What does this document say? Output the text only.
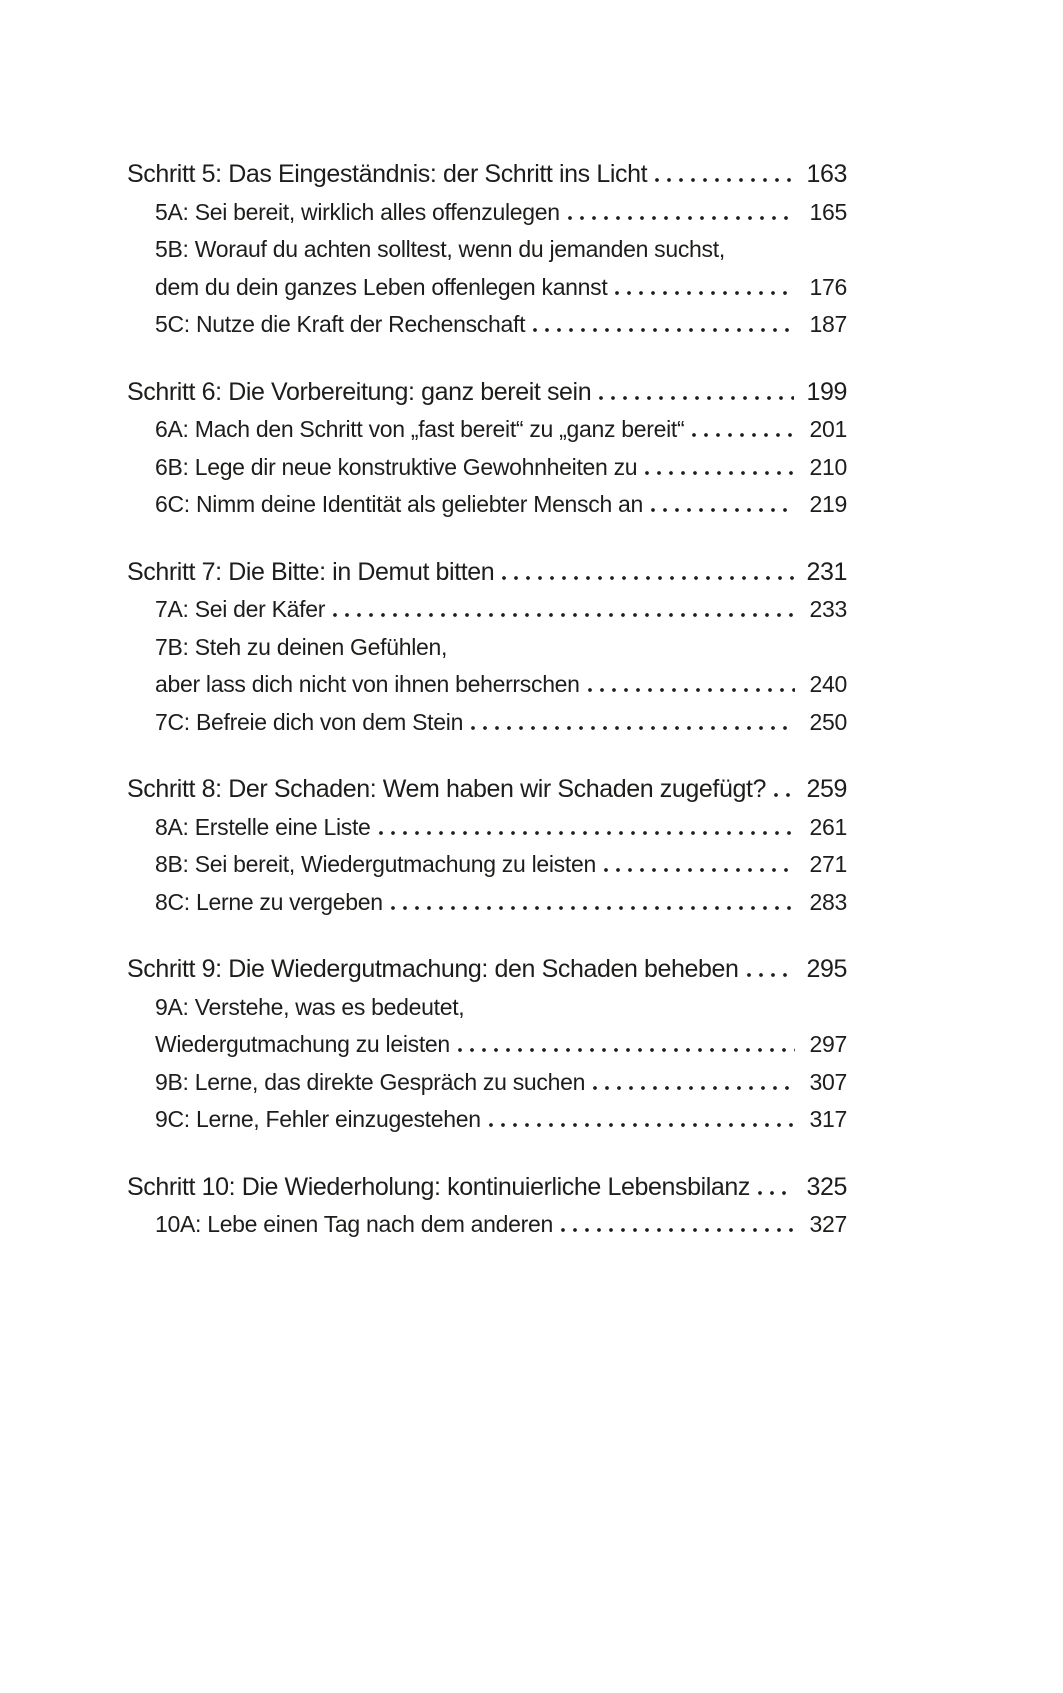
Schritt 5: Das Eingeständnis: der Schritt ins Licht	163
5A: Sei bereit, wirklich alles offenzulegen	165
5B: Worauf du achten solltest, wenn du jemanden suchst,
dem du dein ganzes Leben offenlegen kannst	176
5C: Nutze die Kraft der Rechenschaft	187
Schritt 6: Die Vorbereitung: ganz bereit sein	199
6A: Mach den Schritt von „fast bereit“ zu „ganz bereit“	201
6B: Lege dir neue konstruktive Gewohnheiten zu	210
6C: Nimm deine Identität als geliebter Mensch an	219
Schritt 7: Die Bitte: in Demut bitten	231
7A: Sei der Käfer	233
7B: Steh zu deinen Gefühlen,
aber lass dich nicht von ihnen beherrschen	240
7C: Befreie dich von dem Stein	250
Schritt 8: Der Schaden: Wem haben wir Schaden zugefügt? 259
8A: Erstelle eine Liste	261
8B: Sei bereit, Wiedergutmachung zu leisten	271
8C: Lerne zu vergeben	283
Schritt 9: Die Wiedergutmachung: den Schaden beheben	295
9A: Verstehe, was es bedeutet,
Wiedergutmachung zu leisten	297
9B: Lerne, das direkte Gespräch zu suchen	307
9C: Lerne, Fehler einzugestehen	317
Schritt 10: Die Wiederholung: kontinuierliche Lebensbilanz 325
10A: Lebe einen Tag nach dem anderen	327
